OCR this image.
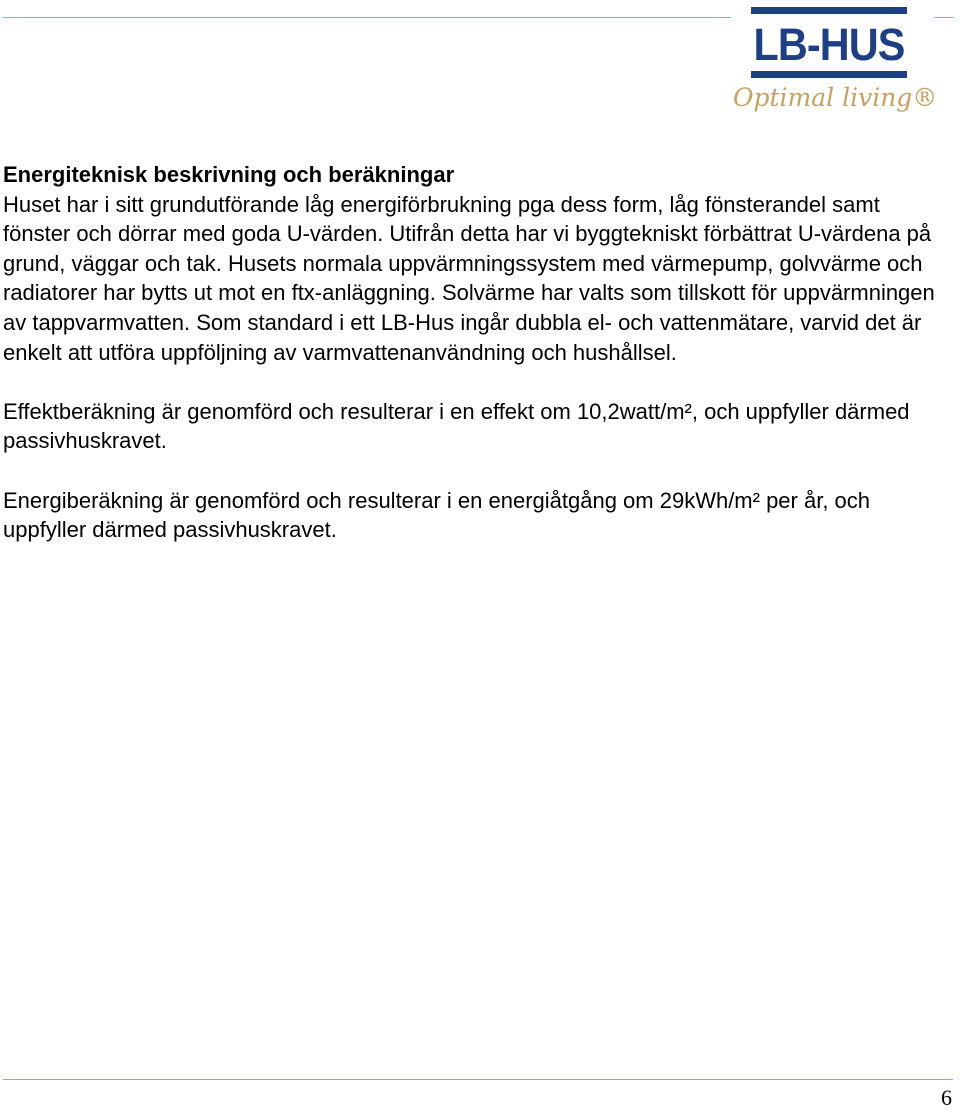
LB-HUS
Optimal living®

Energiteknisk beskrivning och beräkningar

Huset har i sitt grundutförande låg energiförbrukning pga dess form, låg fönsterandel samt fönster och dörrar med goda U-värden. Utifrån detta har vi byggtekniskt förbättrat U-värdena på grund, väggar och tak. Husets normala uppvärmningssystem med värmepump, golvvärme och radiatorer har bytts ut mot en ftx-anläggning. Solvärme har valts som tillskott för uppvärmningen av tappvarmvatten. Som standard i ett LB-Hus ingår dubbla el- och vattenmätare, varvid det är enkelt att utföra uppföljning av varmvattenanvändning och hushållsel.

Effektberäkning är genomförd och resulterar i en effekt om 10,2watt/m², och uppfyller därmed passivhuskravet.

Energiberäkning är genomförd och resulterar i en energiåtgång om 29kWh/m² per år, och uppfyller därmed passivhuskravet.

6
